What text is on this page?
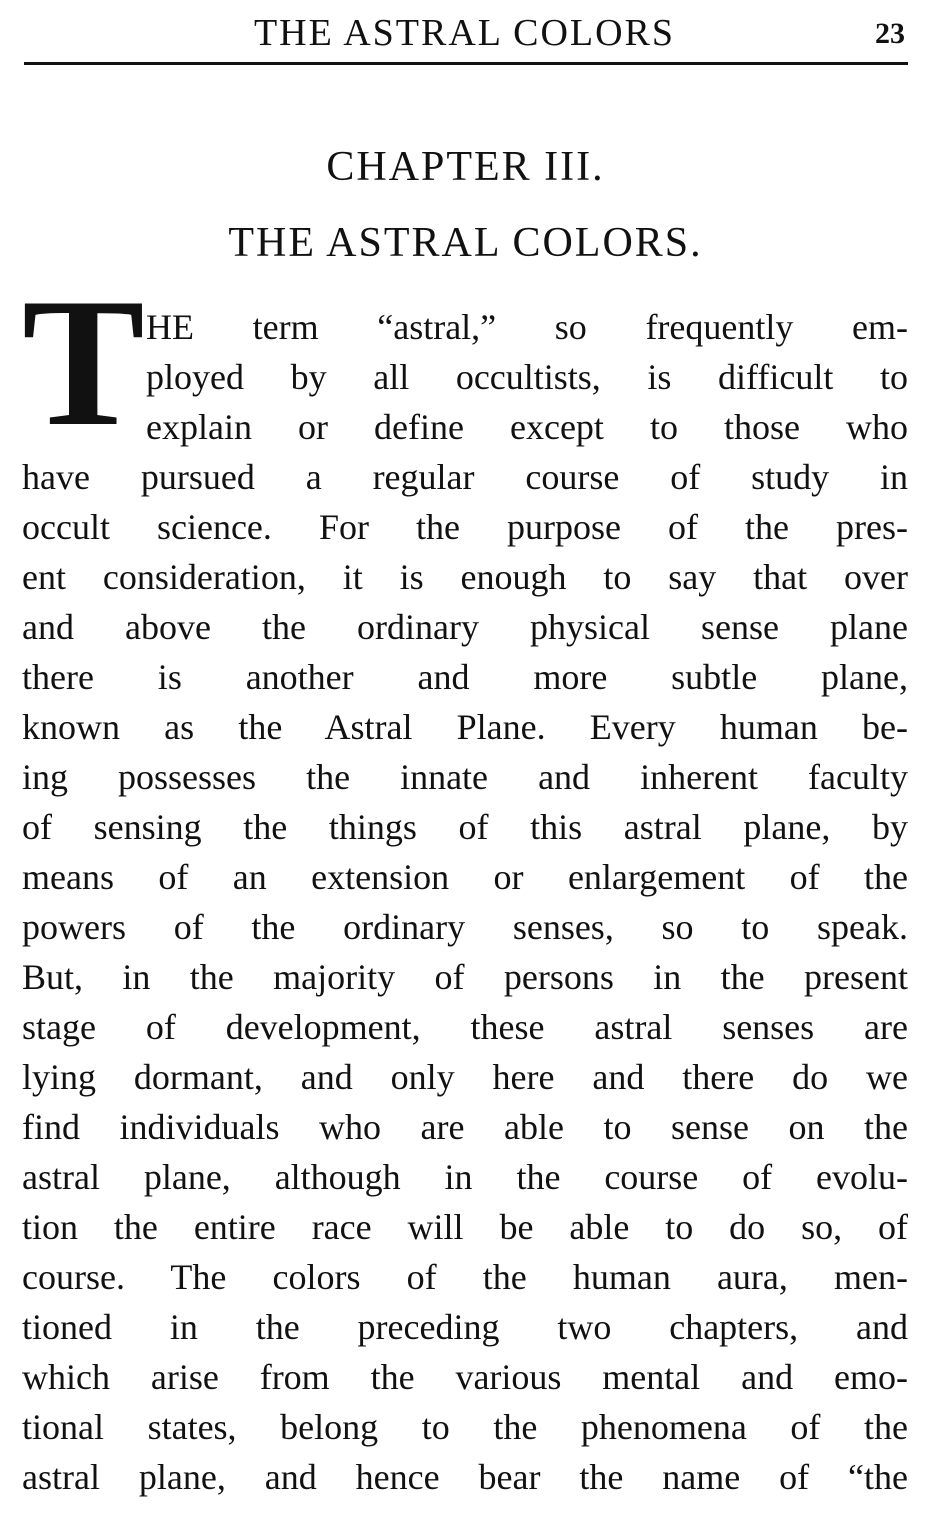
THE ASTRAL COLORS	23
CHAPTER III.
THE ASTRAL COLORS.
T HE term “astral,” so frequently em-
ployed by all occultists, is difficult to
explain or define except to those who
have pursued a regular course of study in
occult science. For the purpose of the pres-
ent consideration, it is enough to say that over
and above the ordinary physical sense plane
there is another and more subtle plane,
known as the Astral Plane. Every human be-
ing possesses the innate and inherent faculty
of sensing the things of this astral plane, by
means of an extension or enlargement of the
powers of the ordinary senses, so to speak.
But, in the majority of persons in the present
stage of development, these astral senses are
lying dormant, and only here and there do we
find individuals who are able to sense on the
astral plane, although in the course of evolu-
tion the entire race will be able to do so, of
course. The colors of the human aura, men-
tioned in the preceding two chapters, and
which arise from the various mental and emo-
tional states, belong to the phenomena of the
astral plane, and hence bear the name of “the
